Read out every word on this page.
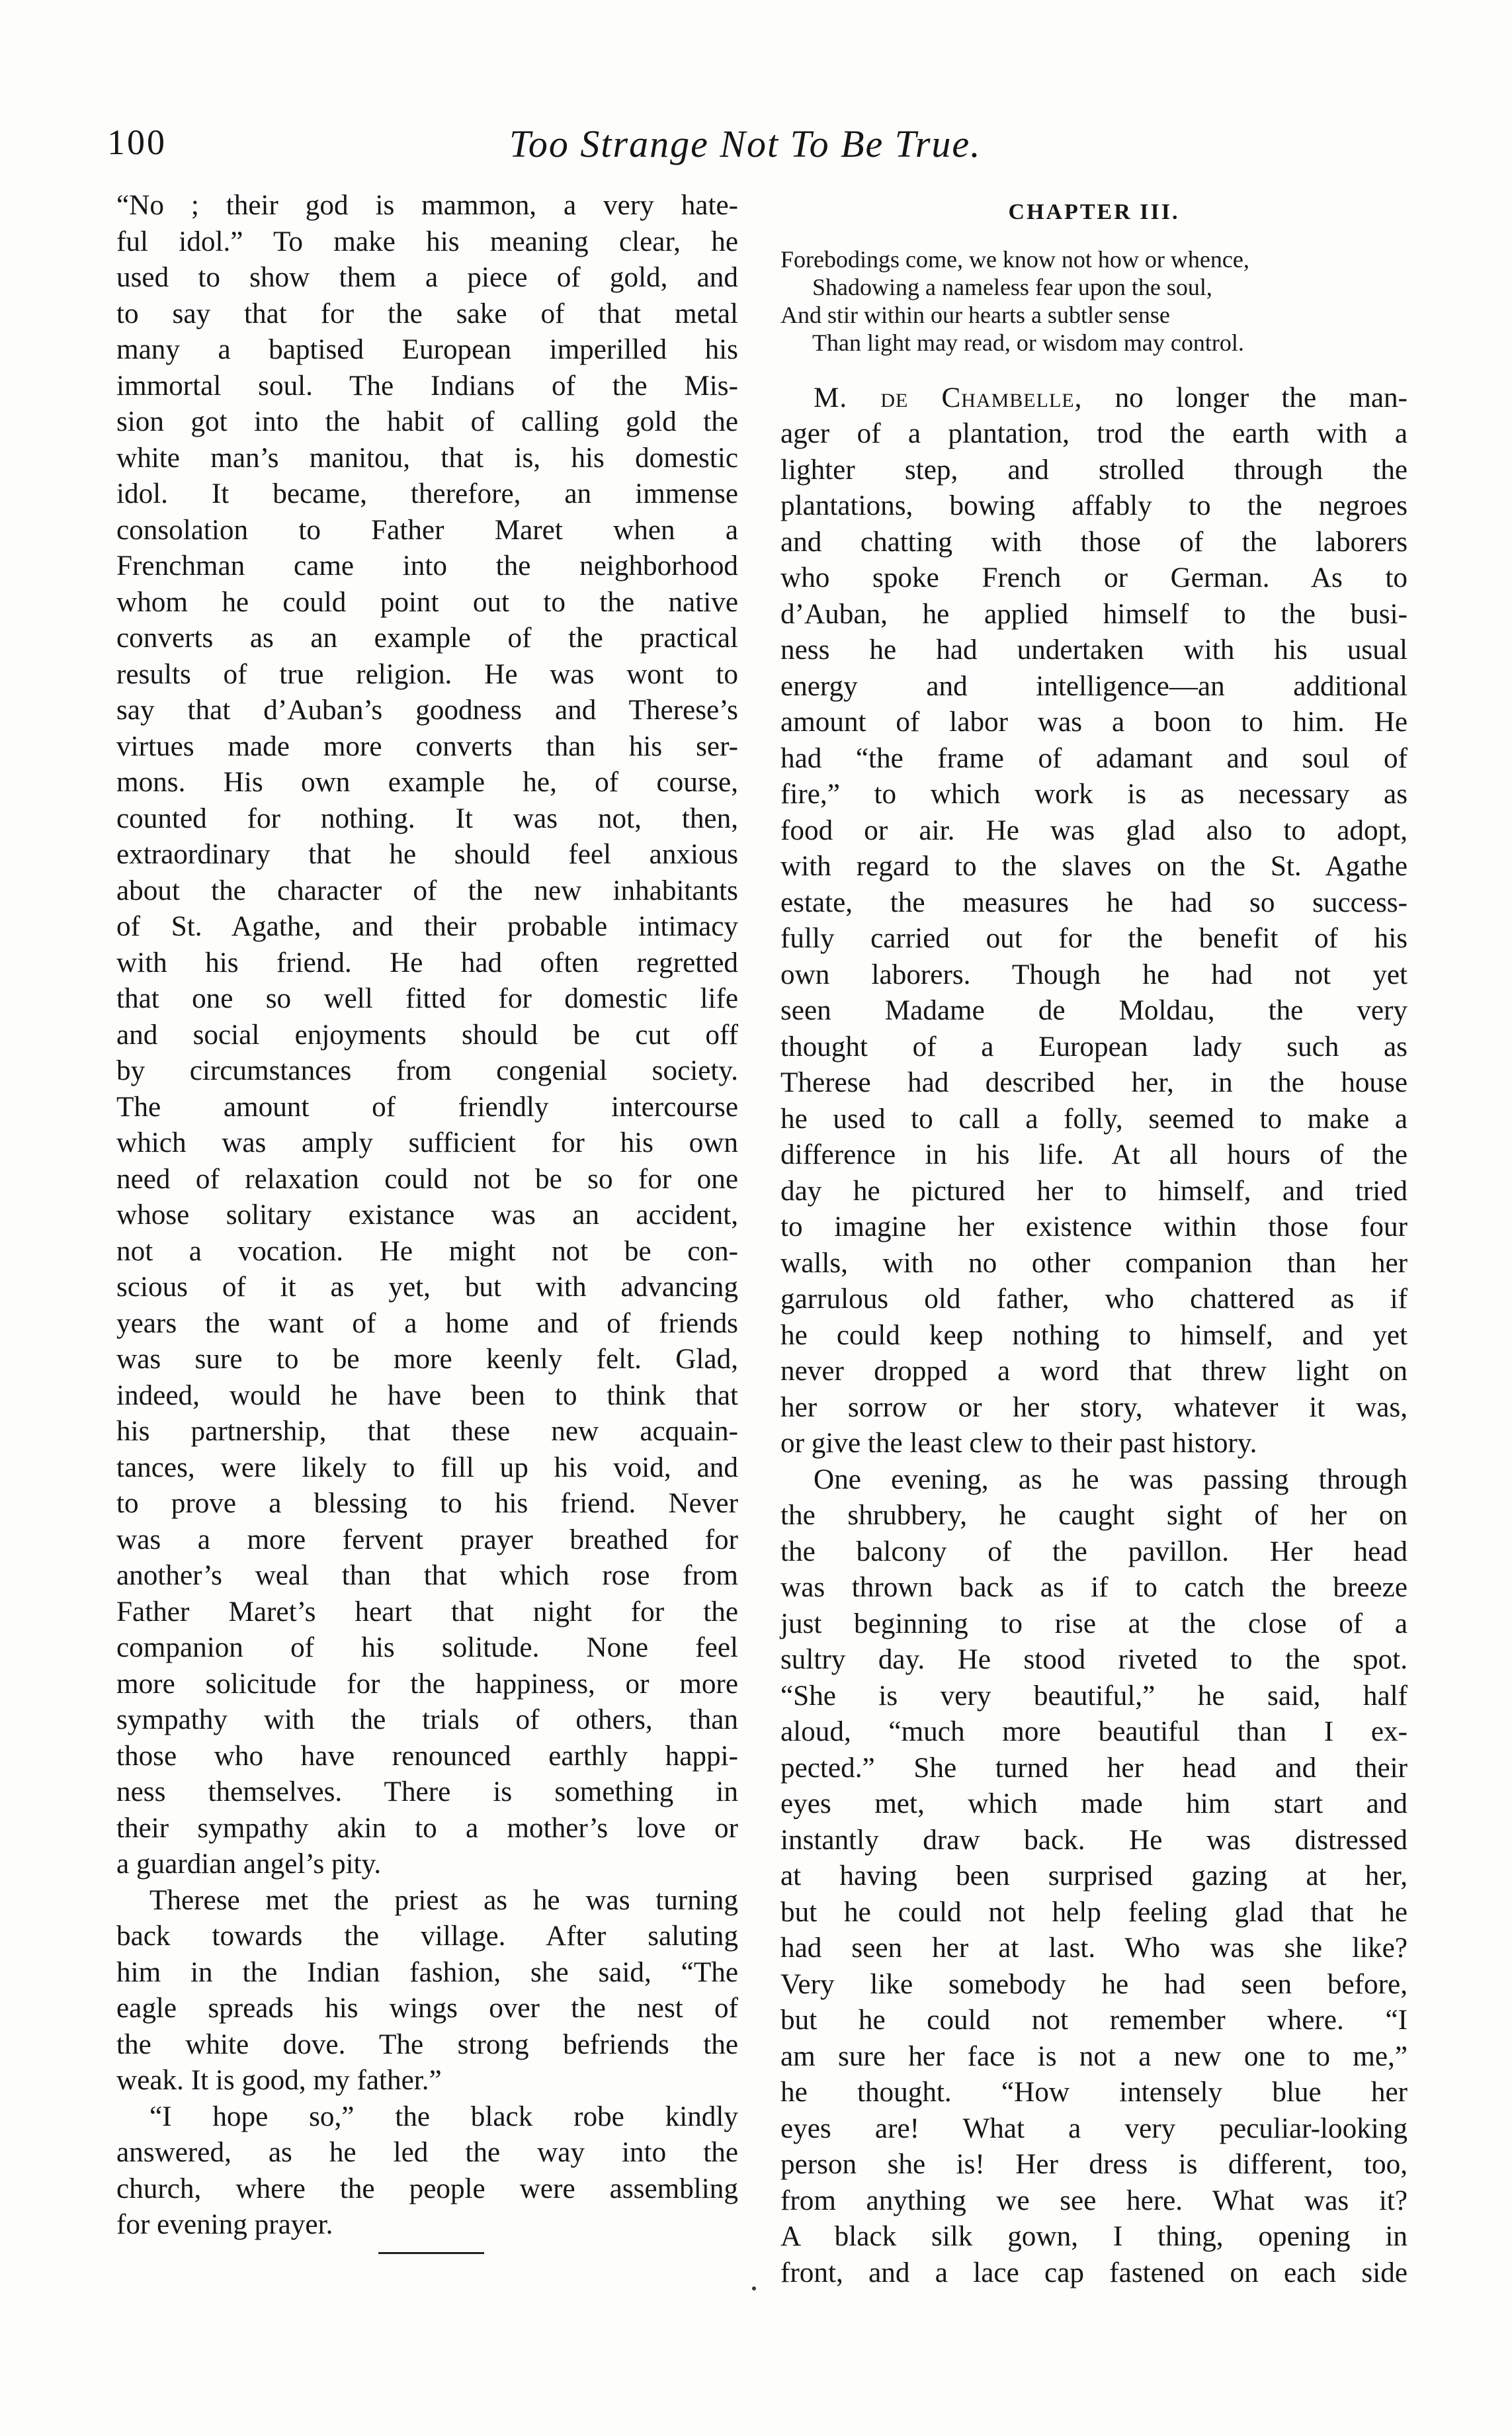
100	Too Strange Not To Be True.

“No ; their god is mammon, a very hate-

ful idol.” To make his meaning clear, he

used to show them a piece of gold, and

to say that for the sake of that metal

many a baptised European imperilled his

immortal soul. The Indians of the Mis-

sion got into the habit of calling gold the

white man’s manitou, that is, his domestic

idol. It became, therefore, an immense

consolation to Father Maret when a

Frenchman came into the neighborhood

whom he could point out to the native

converts as an example of the practical

results of true religion. He was wont to

say that d’Auban’s goodness and Therese’s

virtues made more converts than his ser-

mons. His own example he, of course,

counted for nothing. It was not, then,

extraordinary that he should feel anxious

about the character of the new inhabitants

of St. Agathe, and their probable intimacy

with his friend. He had often regretted

that one so well fitted for domestic life

and social enjoyments should be cut off

by circumstances from congenial society.

The amount of friendly intercourse

which was amply sufficient for his own

need of relaxation could not be so for one

whose solitary existance was an accident,

not a vocation. He might not be con-

scious of it as yet, but with advancing

years the want of a home and of friends

was sure to be more keenly felt. Glad,

indeed, would he have been to think that

his partnership, that these new acquain-

tances, were likely to fill up his void, and

to prove a blessing to his friend. Never

was a more fervent prayer breathed for

another’s weal than that which rose from

Father Maret’s heart that night for the

companion of his solitude. None feel

more solicitude for the happiness, or more

sympathy with the trials of others, than

those who have renounced earthly happi-

ness themselves. There is something in

their sympathy akin to a mother’s love or

a guardian angel’s pity.

Therese met the priest as he was turning

back towards the village. After saluting

him in the Indian fashion, she said, “The

eagle spreads his wings over the nest of

the white dove. The strong befriends the

weak. It is good, my father.”

“I hope so,” the black robe kindly

answered, as he led the way into the

church, where the people were assembling

for evening prayer.

CHAPTER III.
Forebodings come, we know not how or whence,
Shadowing a nameless fear upon the soul,
And stir within our hearts a subtler sense
Than light may read, or wisdom may control.

M. de Chambelle, no longer the man-

ager of a plantation, trod the earth with a

lighter step, and strolled through the

plantations, bowing affably to the negroes

and chatting with those of the laborers

who spoke French or German. As to

d’Auban, he applied himself to the busi-

ness he had undertaken with his usual

energy and intelligence—an additional

amount of labor was a boon to him. He

had “the frame of adamant and soul of

fire,” to which work is as necessary as

food or air. He was glad also to adopt,

with regard to the slaves on the St. Agathe

estate, the measures he had so success-

fully carried out for the benefit of his

own laborers. Though he had not yet

seen Madame de Moldau, the very

thought of a European lady such as

Therese had described her, in the house

he used to call a folly, seemed to make a

difference in his life. At all hours of the

day he pictured her to himself, and tried

to imagine her existence within those four

walls, with no other companion than her

garrulous old father, who chattered as if

he could keep nothing to himself, and yet

never dropped a word that threw light on

her sorrow or her story, whatever it was,

or give the least clew to their past history.

One evening, as he was passing through

the shrubbery, he caught sight of her on

the balcony of the pavillon. Her head

was thrown back as if to catch the breeze

just beginning to rise at the close of a

sultry day. He stood riveted to the spot.

“She is very beautiful,” he said, half

aloud, “much more beautiful than I ex-

pected.” She turned her head and their

eyes met, which made him start and

instantly draw back. He was distressed

at having been surprised gazing at her,

but he could not help feeling glad that he

had seen her at last. Who was she like?

Very like somebody he had seen before,

but he could not remember where. “I

am sure her face is not a new one to me,”

he thought. “How intensely blue her

eyes are! What a very peculiar-looking

person she is! Her dress is different, too,

from anything we see here. What was it?

A black silk gown, I thing, opening in

front, and a lace cap fastened on each side
